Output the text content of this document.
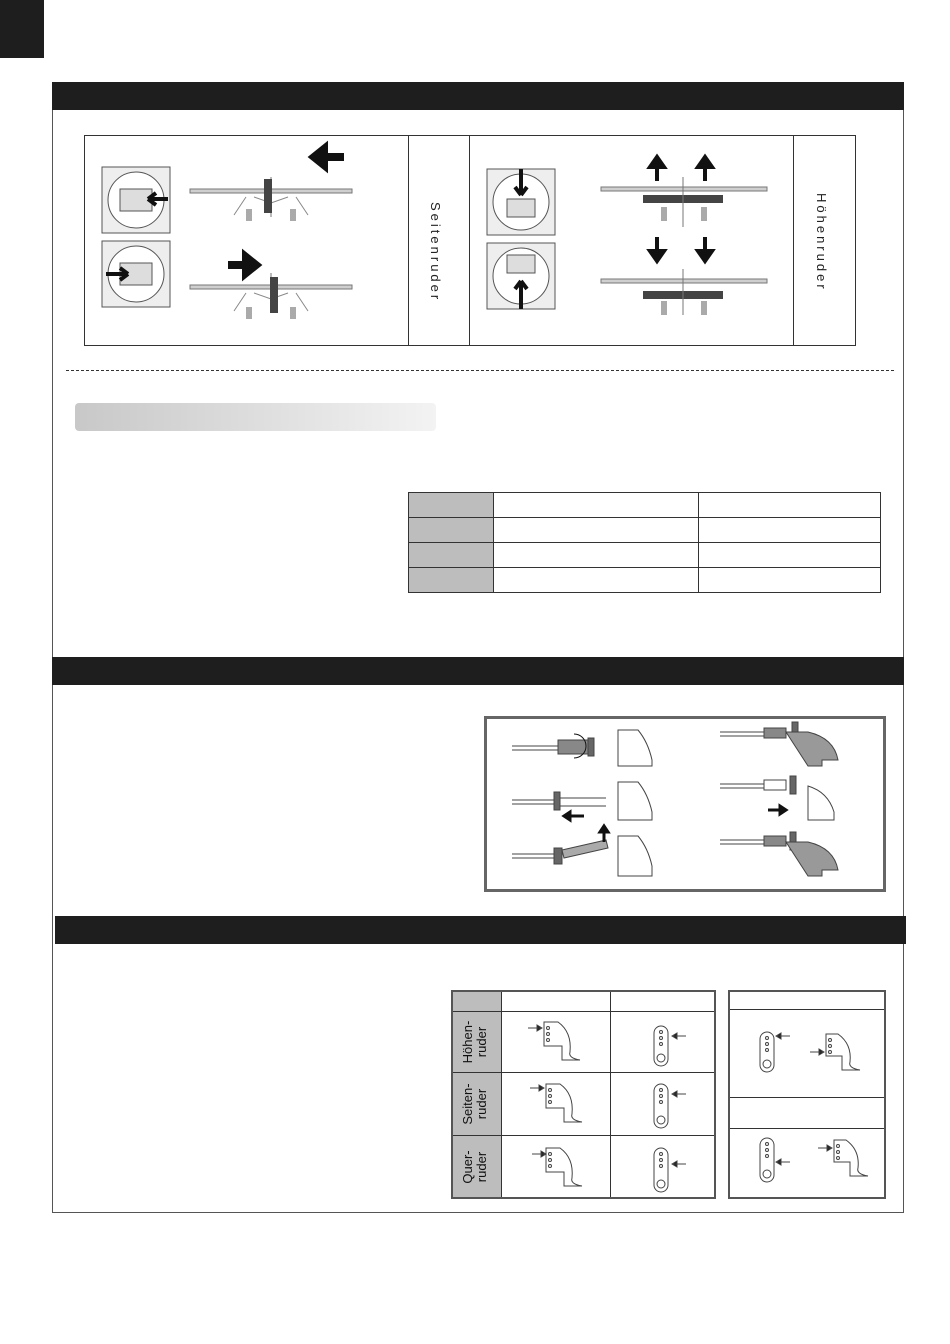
Seitenruder	Höhenruder

Höhen-
ruder
Seiten-
ruder
Quer-
ruder
